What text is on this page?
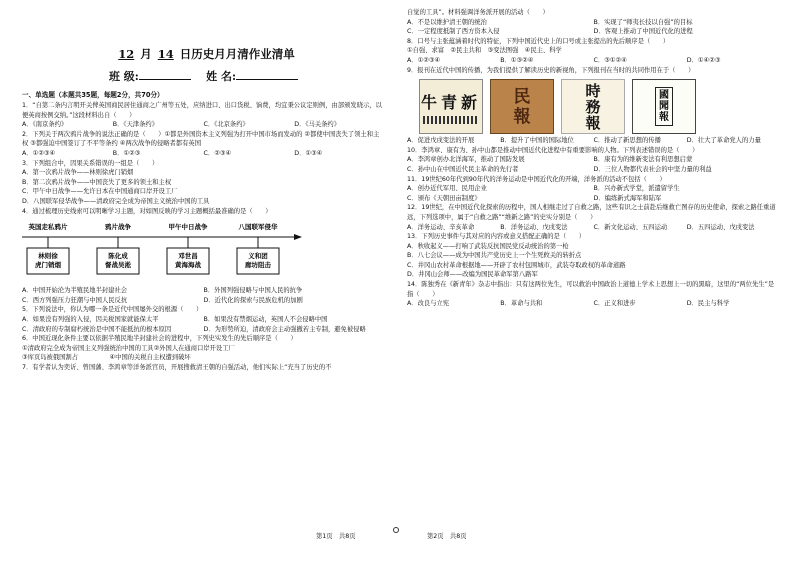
12 月 14 日历史月月清作业清单
班 级:	姓 名:
一、单选题（本题共35题，每题2分，共70分）

1．“自第二条内言明开关俾英国商民居住通商之广州等五处，应纳进口、出口货税、饷费，均宜秉公议定则例，由部颁发晓示，以便英商按例交纳。”这段材料出自（　　）

A．《南京条约》	B．《天津条约》	C．《北京条约》	D．《马关条约》

2．下列关于两次鸦片战争的说法正确的是（　　）①都是外国资本主义列强为打开中国市场而发动的 ②都使中国丧失了领土和主权 ③都强迫中国签订了不平等条约 ④两次战争的侵略者都有英国

A．①②③④	B．①②③	C．②③④	D．①③④

3．下列组合中，因果关系错误的一组是（　　）

A．第一次鸦片战争——林则徐虎门销烟
B．第二次鸦片战争——中国丧失了更多的领土和主权
C．甲午中日战争——允许日本在中国通商口岸开设工厂
D．八国联军侵华战争——清政府完全成为帝国主义统治中国的工具

4．通过梳理历史线索可以明晰学习主题，对如图反映的学习主题概括最准确的是（　　）

英国走私鸦片
林则徐
虎门销烟
鸦片战争
陈化成
督战吴淞
甲午中日战争
邓世昌
黄海海战
八国联军侵华
义和团
廊坊阻击
A．中国开始沦为半殖民地半封建社会	B．外国列强侵略与中国人民的抗争
C．西方列强压力狂潮与中国人民反抗	D．近代化的探索与民族危机的加剧

5．下列说法中，你认为哪一条是近代中国屡外交的根源（　　）

A．如果没有列强的入侵，因关税国家就能保太平	B．如果没有禁烟运动，英国人不会侵略中国
C．清政府的专制腐朽统治是中国不能抵抗的根本原因	D．为形势所迫，清政府会主动强撤若主专制，避免被侵略

6．中国近现化条件主要以依据半殖民地半封建社会的进程中，下列史实发生的先后顺序是（　　）

①清政府完全成为帝国主义列强统治中国的工具②外国人在通商口岸开设工厂
③库页岛被俄国割占　　　　　④中国的关税自主权遭到破坏

7．有学者认为奕䜣、曾国藩、李鸿章等洋务派官员，开展搜救清王朝的自强活动，他们实际上“充当了历史的不

自觉的工具”。材料强调洋务派开展的活动（　　）

A．不是以维护清王朝的统治	B．实现了“师夷长技以自强”的目标
C．一定程度抵制了西方资本入侵	D．客观上推动了中国近代化的进程

8．口号与主张蕴涵着时代的特征，下列中国近代史上的口号或主张提出的先后顺序是（　　）

①自强、求富　②民主共和　③变法图强　④民主、科学
A．①②③④	B．①③②④	C．③①②④	D．①④②③

9．报刊在近代中国的传播，为我们提供了解读历史的新视角，下列报刊在当时的共同作用在于（　　）

牛青新 民
報
時
務
報
國
聞
報
A．促进戊戌变法的开展	B．提升了中国的国际地位	C．推动了新思想的传播	D．壮大了革命党人的力量

10．李鸿章、康有为、孙中山都是推动中国近代化进程中有重要影响的人物。下列表述错误的是（　　）

A．李鸿章创办北洋海军，推动了国防发展	B．康有为的维新变法有利思想启蒙
C．孙中山在中国近代民主革命的先行者	D．三位人物都代表社会的中坚力量的利益

11．19世纪60年代到90年代的洋务运动是中国近代化的开端，洋务派的活动不包括（　　）

A．创办近代军用、民用企业	B．兴办新式学堂，派遣留学生
C．颁布《天朝田亩制度》	D．编练新式海军和陆军

12．19世纪，在中国近代化探索的历程中，国人相继走过了自救之路，这些有识之士前赴后继救亡图存的历史使命，探索之路任重道远，下列选项中，属于“自救之路”“维新之路”的史实分别是（　　）

A．洋务运动、辛亥革命	B．洋务运动、戊戌变法	C．新文化运动、五四运动	D．五四运动、戊戌变法

13．下列历史事件与其对应的内容或意义搭配正确的是（　　）

A．秋收起义——打响了武装反抗国民党反动统治的第一枪
B．八七会议——成为中国共产党历史上一个生死攸关的转折点
C．井冈山农村革命根据地——开辟了农村包围城市，武装夺取政权的革命道路
D．井冈山会师——改编为国民革命军第八路军

14．陈独秀在《新青年》杂志中指出：只有这两位先生，可以救治中国政治上道德上学术上思想上一切的黑暗，这里的“两位先生”是指（　　）

A．改良与立宪	B．革命与共和	C．正义和进步	D．民主与科学
第1页　共8页	第2页　共8页
